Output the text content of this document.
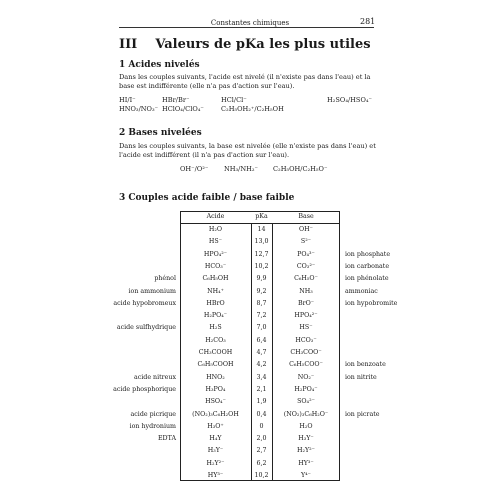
Constantes chimiques	281
III Valeurs de pKa les plus utiles
1 Acides nivelés
Dans les couples suivants, l'acide est nivelé (il n'existe pas dans l'eau) et la base est indifférente (elle n'a pas d'action sur l'eau).
HI/I⁻	HBr/Br⁻	HCl/Cl⁻	H₂SO₄/HSO₄⁻
HNO₃/NO₃⁻ HClO₄/ClO₄⁻	C₂H₅OH₂⁺/C₂H₅OH
2 Bases nivelées
Dans les couples suivants, la base est nivelée (elle n'existe pas dans l'eau) et l'acide est indifférent (il n'a pas d'action sur l'eau).
OH⁻/O²⁻ NH₃/NH₂⁻ C₂H₅OH/C₂H₅O⁻
3 Couples acide faible / base faible
Acide	pKa	Base
H₂O	14	OH⁻
HS⁻	13,0	S²⁻
HPO₄²⁻	12,7	PO₄³⁻	ion phosphate
HCO₃⁻	10,2	CO₃²⁻	ion carbonate
phénol	C₆H₅OH	9,9	C₆H₅O⁻	ion phénolate
ion ammonium	NH₄⁺	9,2	NH₃	ammoniac
acide hypobromeux	HBrO	8,7	BrO⁻	ion hypobromite
H₂PO₄⁻	7,2	HPO₄²⁻
acide sulfhydrique	H₂S	7,0	HS⁻
H₂CO₃	6,4	HCO₃⁻
CH₃COOH	4,7	CH₃COO⁻
C₆H₅COOH	4,2	C₆H₅COO⁻	ion benzoate
acide nitreux	HNO₂	3,4	NO₂⁻	ion nitrite
acide phosphorique	H₃PO₄	2,1	H₂PO₄⁻
HSO₄⁻	1,9	SO₄²⁻
acide picrique	(NO₂)₃C₆H₂OH	0,4	(NO₂)₃C₆H₂O⁻	ion picrate
ion hydronium	H₃O⁺	0	H₂O
EDTA	H₄Y	2,0	H₃Y⁻
H₃Y⁻	2,7	H₂Y²⁻
H₂Y²⁻	6,2	HY³⁻
HY³⁻	10,2	Y⁴⁻
